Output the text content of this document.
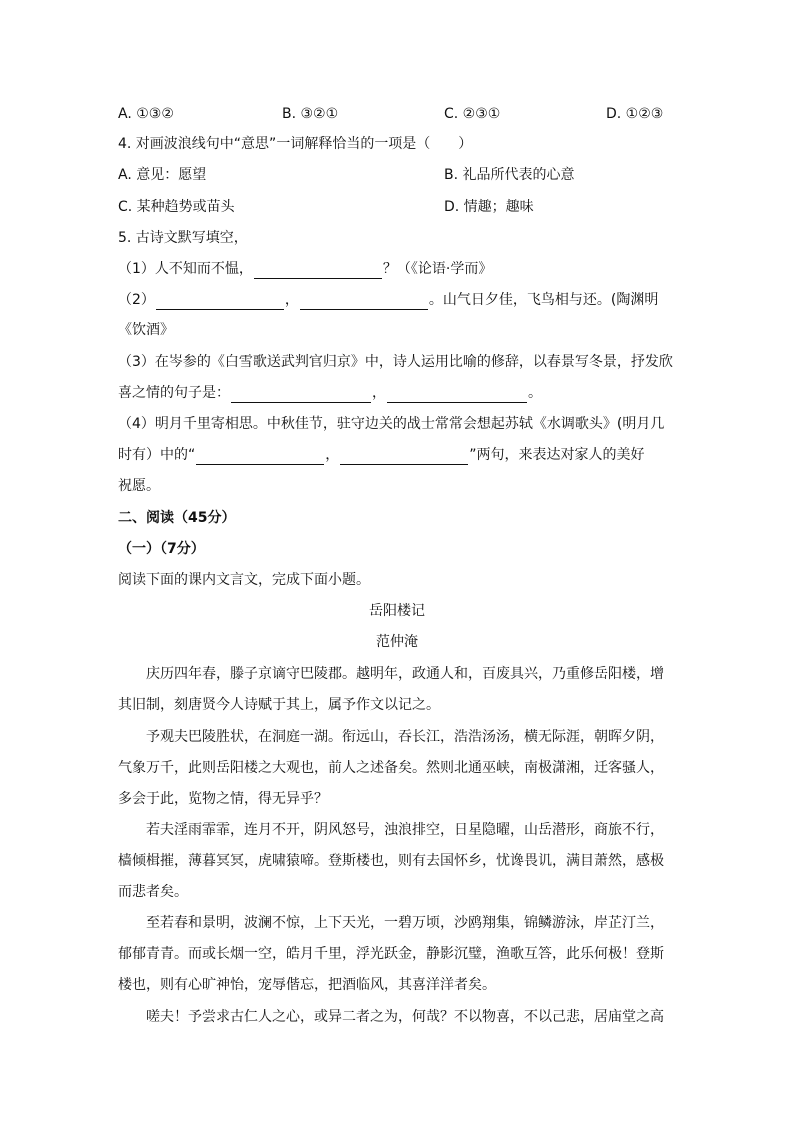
A. ①③②	B. ③②①	C. ②③①	D. ①②③
4. 对画波浪线句中“意思”一词解释恰当的一项是（　　）
A. 意见：愿望	B. 礼品所代表的心意
C. 某种趋势或苗头	D. 情趣；趣味
5. 古诗文默写填空，
（1）人不知而不愠，	？（《论语·学而》
（2）	，	。山气日夕佳，飞鸟相与还。(陶渊明
《饮酒》
（3）在岑参的《白雪歌送武判官归京》中，诗人运用比喻的修辞，以春景写冬景，抒发欣
喜之情的句子是：	，	。
（4）明月千里寄相思。中秋佳节，驻守边关的战士常常会想起苏轼《水调歌头》(明月几
时有）中的“	，	”两句，来表达对家人的美好
祝愿。
二、阅读（45分）
（一）（7分）
阅读下面的课内文言文，完成下面小题。
岳阳楼记
范仲淹
庆历四年春，滕子京谪守巴陵郡。越明年，政通人和，百废具兴，乃重修岳阳楼，增
其旧制，刻唐贤今人诗赋于其上，属予作文以记之。
予观夫巴陵胜状，在洞庭一湖。衔远山，吞长江，浩浩汤汤，横无际涯，朝晖夕阴，
气象万千，此则岳阳楼之大观也，前人之述备矣。然则北通巫峡，南极潇湘，迁客骚人，
多会于此，览物之情，得无异乎？
若夫淫雨霏霏，连月不开，阴风怒号，浊浪排空，日星隐曜，山岳潜形，商旅不行，
樯倾楫摧，薄暮冥冥，虎啸猿啼。登斯楼也，则有去国怀乡，忧谗畏讥，满目萧然，感极
而悲者矣。
至若春和景明，波澜不惊，上下天光，一碧万顷，沙鸥翔集，锦鳞游泳，岸芷汀兰，
郁郁青青。而或长烟一空，皓月千里，浮光跃金，静影沉璧，渔歌互答，此乐何极！登斯
楼也，则有心旷神怡，宠辱偕忘，把酒临风，其喜洋洋者矣。
嗟夫！予尝求古仁人之心，或异二者之为，何哉？不以物喜，不以己悲，居庙堂之高
